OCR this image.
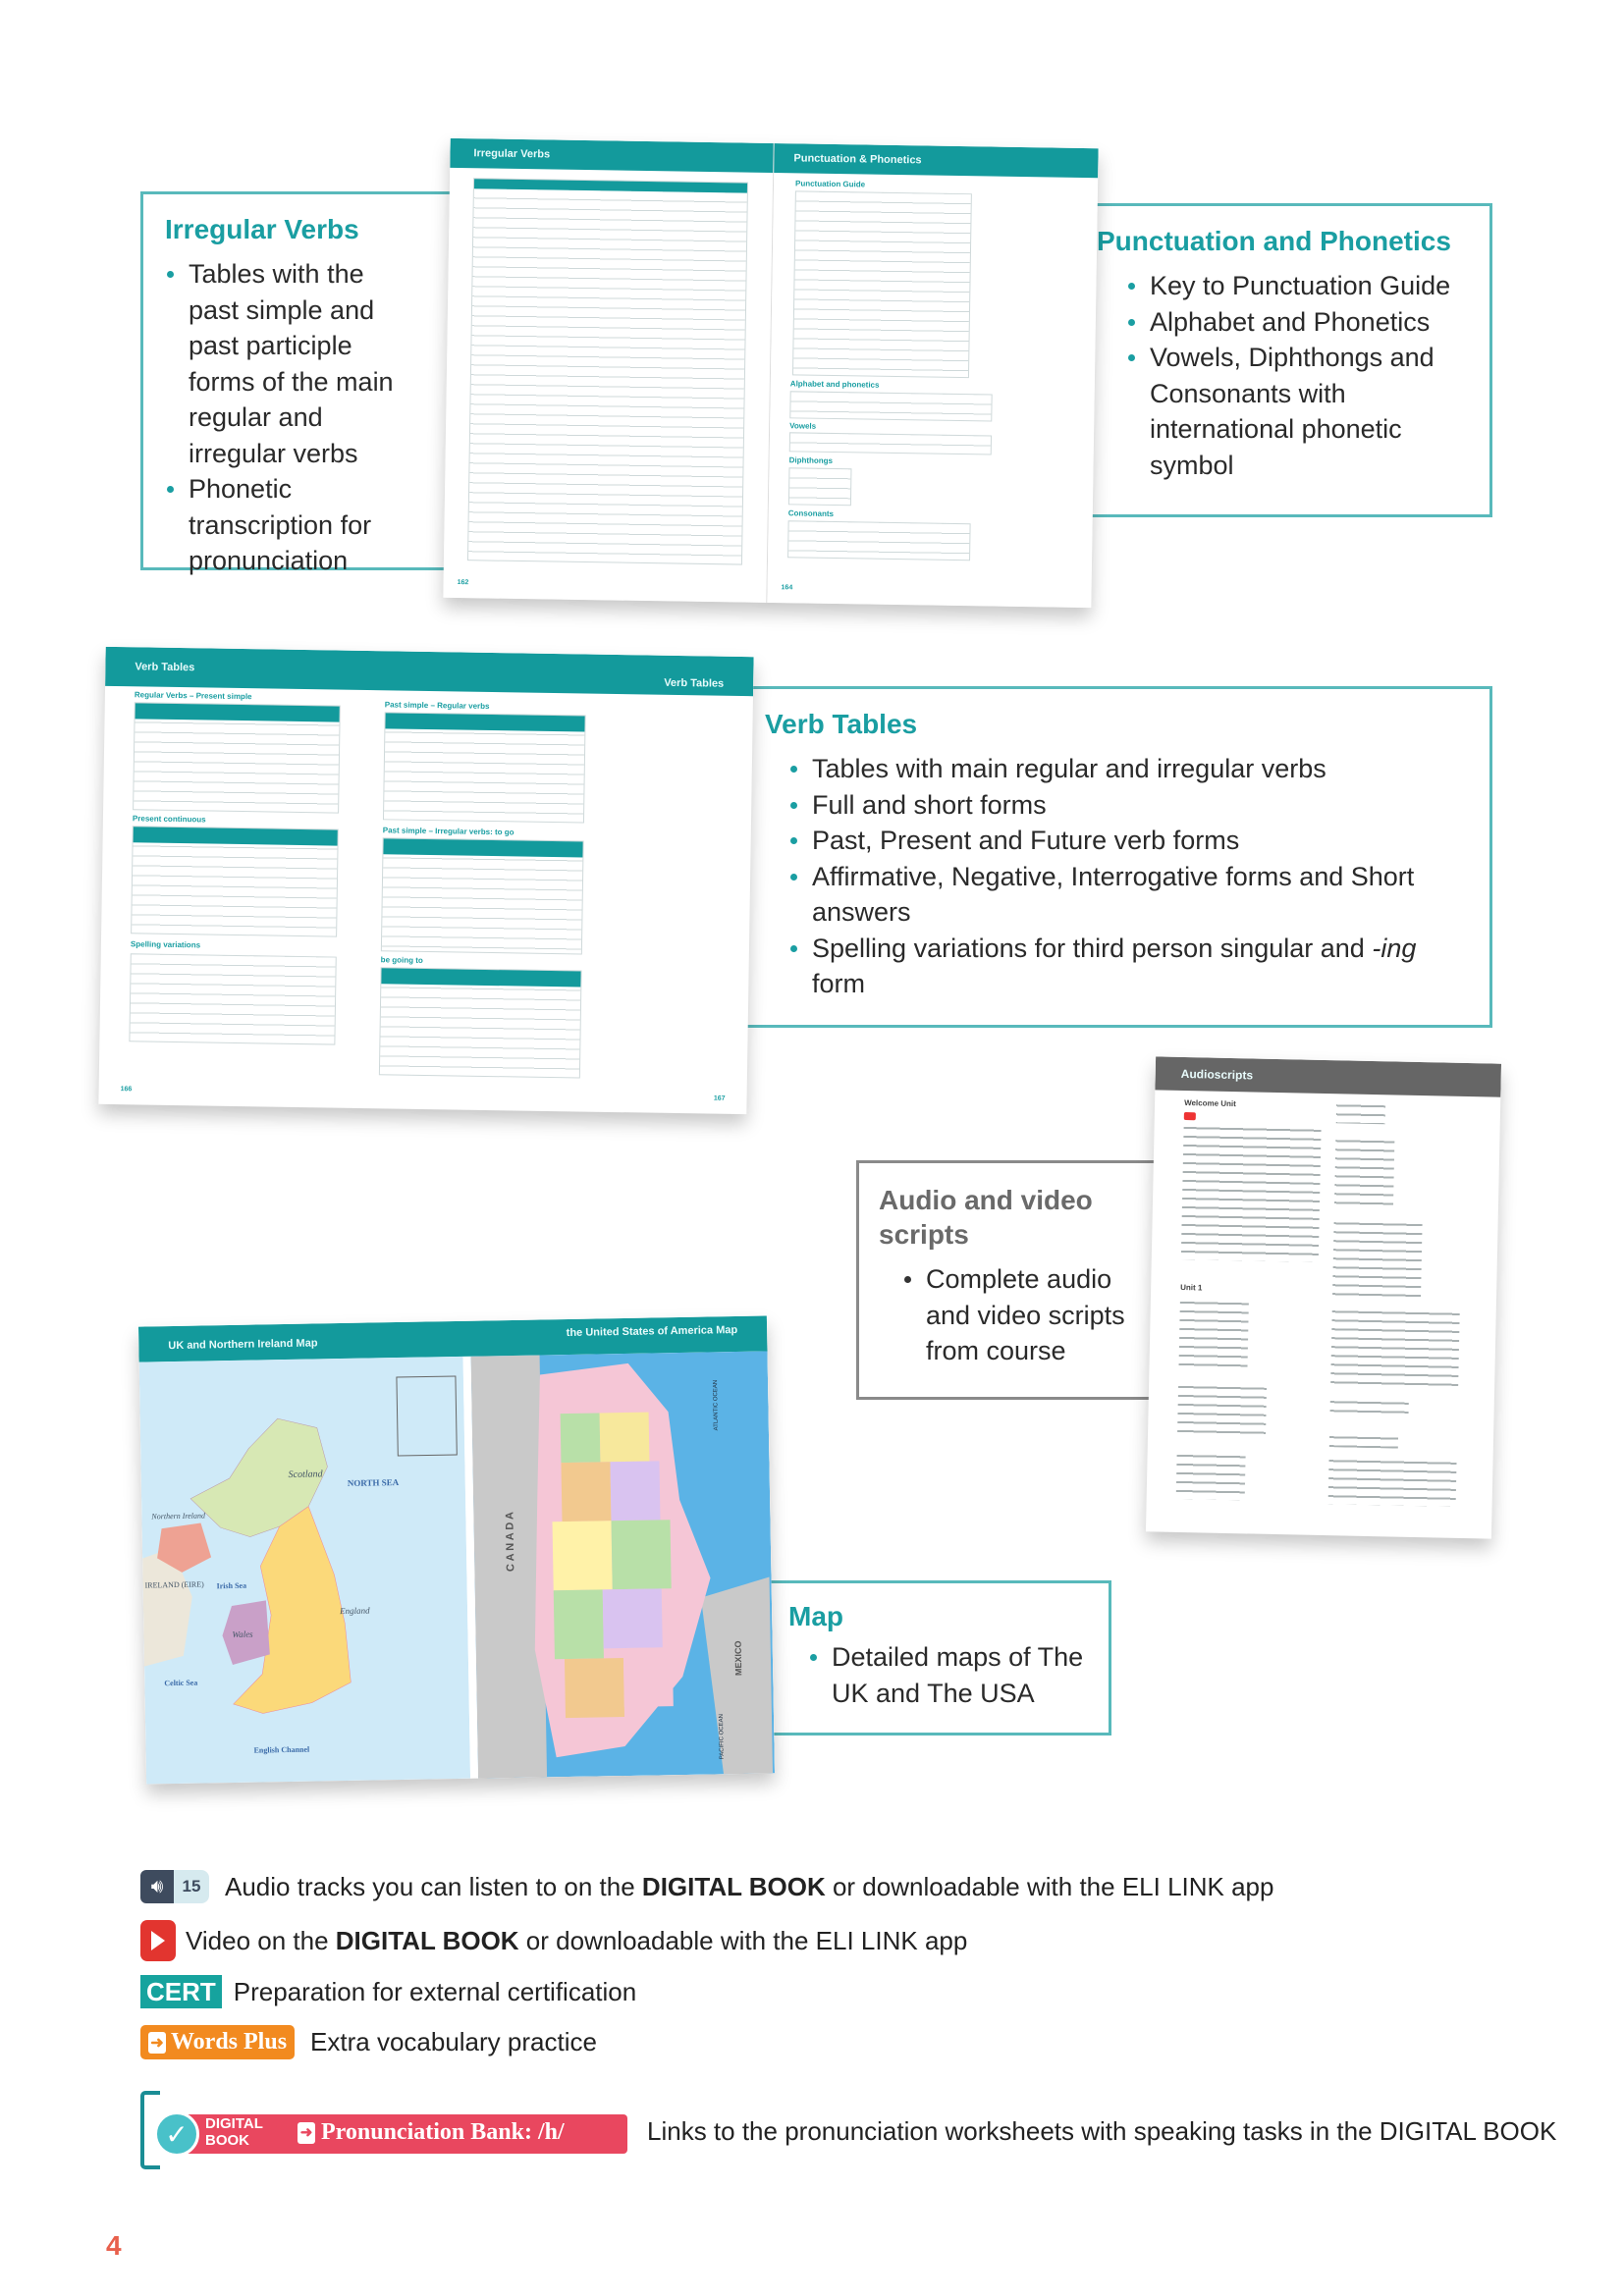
Irregular Verbs
Tables with the past simple and past participle forms of the main regular and irregular verbs
Phonetic transcription for pronunciation
Punctuation and Phonetics
Key to Punctuation Guide
Alphabet and Phonetics
Vowels, Diphthongs and Consonants with international phonetic symbol
Irregular Verbs
162
Punctuation & Phonetics
Punctuation Guide
Alphabet and phonetics
Vowels
Diphthongs
Consonants
164
Verb Tables
Tables with main regular and irregular verbs
Full and short forms
Past, Present and Future verb forms
Affirmative, Negative, Interrogative forms and Short answers
Spelling variations for third person singular and -ing form
Verb Tables
Verb Tables
Regular Verbs – Present simple
Present continuous
Spelling variations
Past simple – Regular verbs
Past simple – Irregular verbs: to go
be going to
166
167
Audio and video scripts
Complete audio and video scripts from course
Audioscripts
Welcome Unit
Unit 1
Map
Detailed maps of The UK and The USA
UK and Northern Ireland Map
the United States of America Map
Scotland
NORTH SEA
Northern Ireland
IRELAND (EIRE) Irish Sea
Wales
England
Celtic Sea
English Channel
C A N A D A
MEXICO
ATLANTIC OCEAN
PACIFIC OCEAN
🔊︎	15 Audio tracks you can listen to on the DIGITAL BOOK or downloadable with the ELI LINK app
Video on the DIGITAL BOOK or downloadable with the ELI LINK app
CERT Preparation for external certification
➜ Words Plus Extra vocabulary practice
✓	DIGITAL
BOOK	➜ Pronunciation Bank: /h/	Links to the pronunciation worksheets with speaking tasks in the DIGITAL BOOK
4
